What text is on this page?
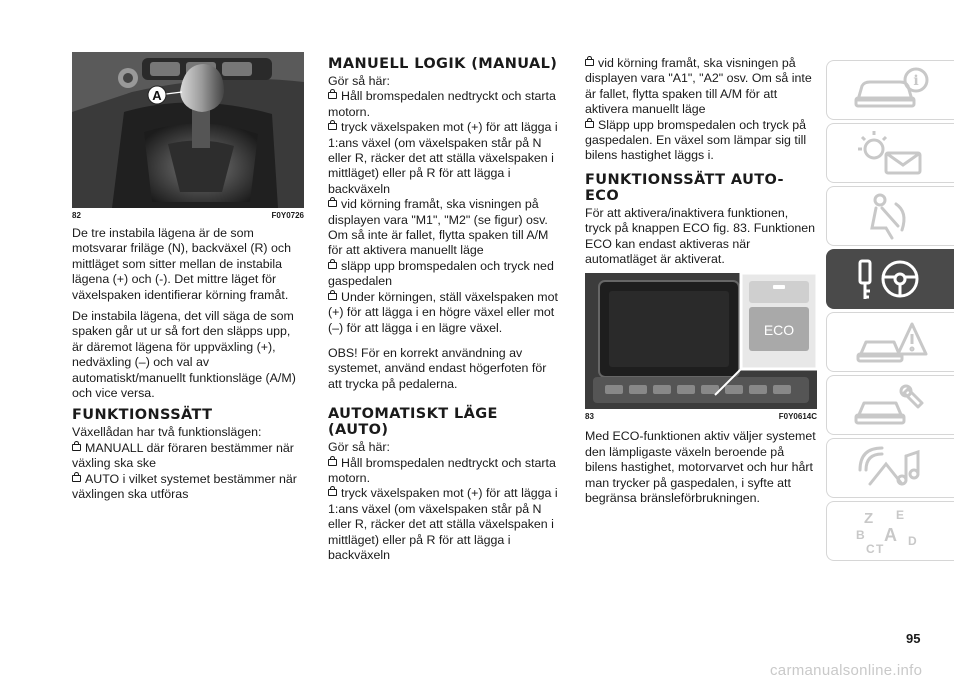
A
82	F0Y0726

De tre instabila lägena är de som motsvarar friläge (N), backväxel (R) och mittläget som sitter mellan de instabila lägena (+) och (-). Det mittre läget för växelspaken identifierar körning framåt.

De instabila lägena, det vill säga de som spaken går ut ur så fort den släpps upp, är däremot lägena för uppväxling (+), nedväxling (–) och val av automatiskt/manuellt funktionsläge (A/M) och vice versa.

FUNKTIONSSÄTT

Växellådan har två funktionslägen:

MANUALL där föraren bestämmer när växling ska ske
AUTO i vilket systemet bestämmer när växlingen ska utföras
MANUELL LOGIK (MANUAL)

Gör så här:

Håll bromspedalen nedtryckt och starta motorn.
tryck växelspaken mot (+) för att lägga i 1:ans växel (om växelspaken står på N eller R, räcker det att ställa växelspaken i mittläget) eller på R för att lägga i backväxeln
vid körning framåt, ska visningen på displayen vara "M1", "M2" (se figur) osv. Om så inte är fallet, flytta spaken till A/M för att aktivera manuellt läge
släpp upp bromspedalen och tryck ned gaspedalen
Under körningen, ställ växelspaken mot (+) för att lägga i en högre växel eller mot (–) för att lägga i en lägre växel.

OBS! För en korrekt användning av systemet, använd endast högerfoten för att trycka på pedalerna.

AUTOMATISKT LÄGE (AUTO)

Gör så här:

Håll bromspedalen nedtryckt och starta motorn.
tryck växelspaken mot (+) för att lägga i 1:ans växel (om växelspaken står på N eller R, räcker det att ställa växelspaken i mittläget) eller på R för att lägga i backväxeln
vid körning framåt, ska visningen på displayen vara "A1", "A2" osv. Om så inte är fallet, flytta spaken till A/M för att aktivera manuellt läge
Släpp upp bromspedalen och tryck på gaspedalen. En växel som lämpar sig till bilens hastighet läggs i.
FUNKTIONSSÄTT AUTO-ECO

För att aktivera/inaktivera funktionen, tryck på knappen ECO fig. 83. Funktionen ECO kan endast aktiveras när automatläget är aktiverat.

ECO
83	F0Y0614C

Med ECO-funktionen aktiv väljer systemet den lämpligaste växeln beroende på bilens hastighet, motorvarvet och hur hårt man trycker på gaspedalen, i syfte att begränsa bränsleförbrukningen.

i
Z E
B A
C
D
T
95
carmanualsonline.info
